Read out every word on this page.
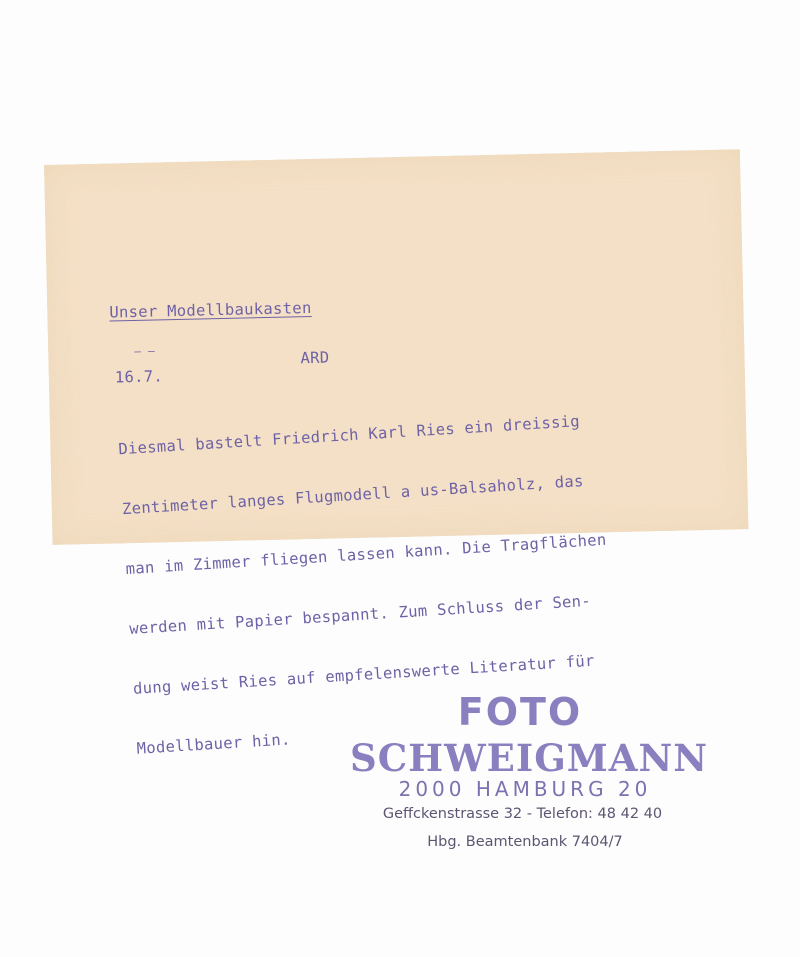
Unser Modellbaukasten
— ‒	ARD
16.7.

Diesmal bastelt Friedrich Karl Ries ein dreissig

Zentimeter langes Flugmodell a us-Balsaholz, das

man im Zimmer fliegen lassen kann. Die Tragflächen

werden mit Papier bespannt. Zum Schluss der Sen-

dung weist Ries auf empfelenswerte Literatur für

Modellbauer hin.

FOTO
SCHWEIGMANN
2000 HAMBURG 20
Geffckenstrasse 32 - Telefon: 48 42 40
Hbg. Beamtenbank 7404/7
